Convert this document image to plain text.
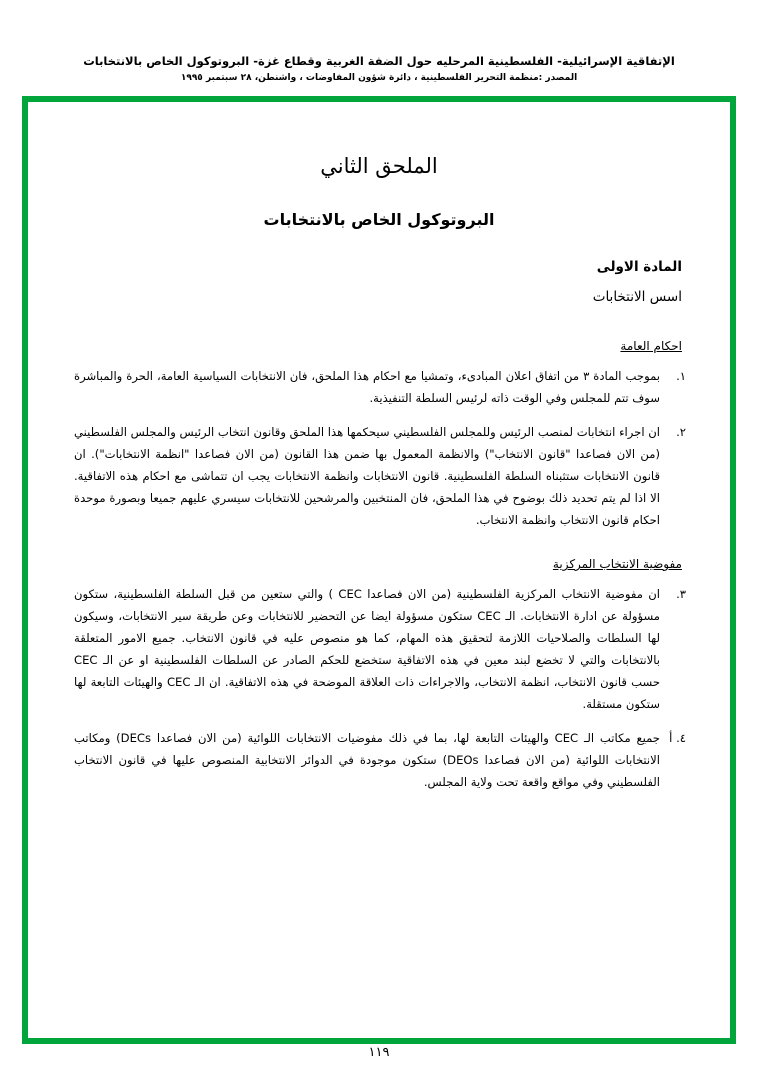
الإتفاقية الإسرائيلية- الفلسطينية المرحليه حول الضفة الغربية وقطاع غزة- البروتوكول الخاص بالانتخابات
المصدر :منظمة التحرير الفلسطينية ، دائرة شؤون المفاوضات ، واشنطن، ٢٨ سبتمبر ١٩٩٥
الملحق الثاني
البروتوكول الخاص بالانتخابات
المادة الاولى
اسس الانتخابات
احكام العامة
١.
بموجب المادة ٣ من اتفاق اعلان المبادىء، وتمشيا مع احكام هذا الملحق، فان الانتخابات السياسية العامة، الحرة والمباشرة سوف تتم للمجلس وفي الوقت ذاته لرئيس السلطة التنفيذية.
٢.
ان اجراء انتخابات لمنصب الرئيس وللمجلس الفلسطيني سيحكمها هذا الملحق وقانون انتخاب الرئيس والمجلس الفلسطيني (من الان فصاعدا "قانون الانتخاب") والانظمة المعمول بها ضمن هذا القانون (من الان فصاعدا "انظمة الانتخابات"). ان قانون الانتخابات ستثبناه السلطة الفلسطينية. قانون الانتخابات وانظمة الانتخابات يجب ان تتماشى مع احكام هذه الاتفاقية. الا اذا لم يتم تحديد ذلك بوضوح في هذا الملحق، فان المنتخبين والمرشحين للانتخابات سيسري عليهم جميعا وبصورة موحدة احكام قانون الانتخاب وانظمة الانتخاب.
مفوضية الانتخاب المركزية
٣.
ان مفوضية الانتخاب المركزية الفلسطينية (من الان فصاعدا CEC ) والتي ستعين من قبل السلطة الفلسطينية، ستكون مسؤولة عن ادارة الانتخابات. الـ CEC ستكون مسؤولة ايضا عن التحضير للانتخابات وعن طريقة سير الانتخابات، وسيكون لها السلطات والصلاحيات اللازمة لتحقيق هذه المهام، كما هو منصوص عليه في قانون الانتخاب. جميع الامور المتعلقة بالانتخابات والتي لا تخضع لبند معين في هذه الاتفاقية ستخضع للحكم الصادر عن السلطات الفلسطينية او عن الـ CEC حسب قانون الانتخاب، انظمة الانتخاب، والاجراءات ذات العلاقة الموضحة في هذه الاتفاقية. ان الـ CEC والهيئات التابعة لها ستكون مستقلة.
٤. أ
جميع مكاتب الـ CEC والهيئات التابعة لها، بما في ذلك مفوضيات الانتخابات اللوائية (من الان فصاعدا DECs) ومكاتب الانتخابات اللوائية (من الان فصاعدا DEOs) ستكون موجودة في الدوائر الانتخابية المنصوص عليها في قانون الانتخاب الفلسطيني وفي مواقع واقعة تحت ولاية المجلس.
١١٩
